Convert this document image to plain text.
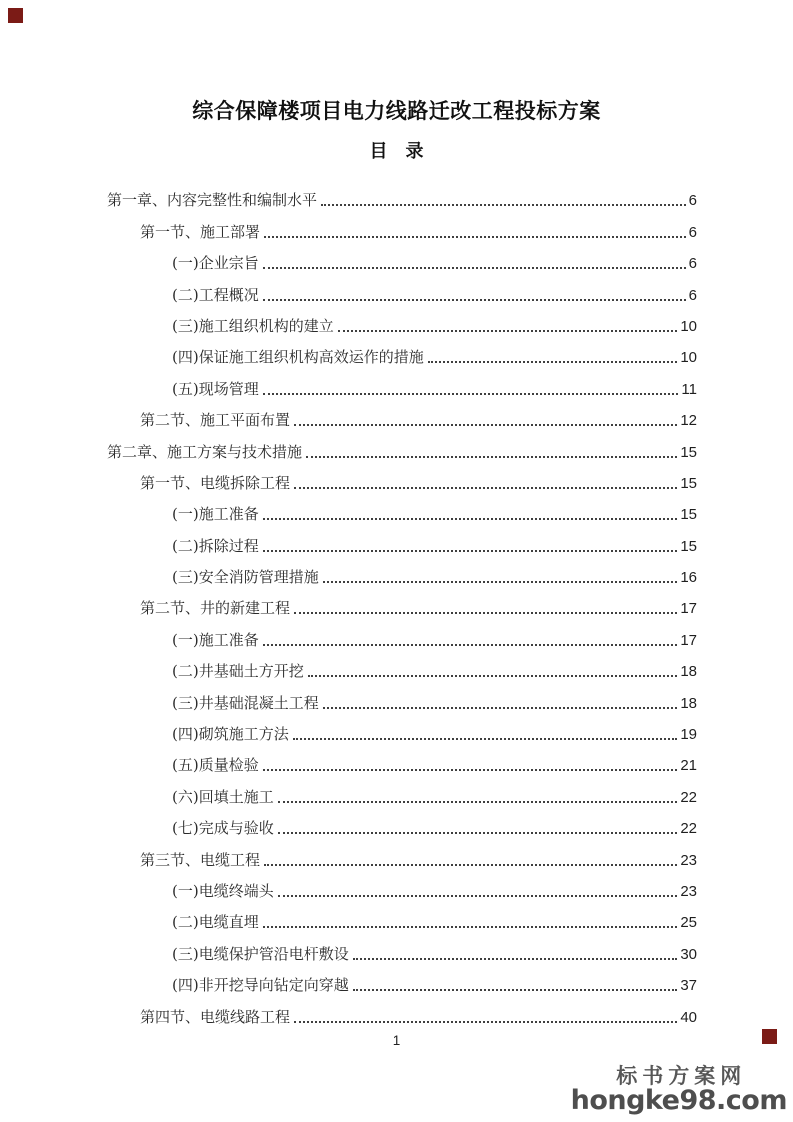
综合保障楼项目电力线路迁改工程投标方案
目　录
第一章、内容完整性和编制水平	6
第一节、施工部署	6
(一)企业宗旨	6
(二)工程概况	6
(三)施工组织机构的建立	10
(四)保证施工组织机构高效运作的措施	10
(五)现场管理	11
第二节、施工平面布置	12
第二章、施工方案与技术措施	15
第一节、电缆拆除工程	15
(一)施工准备	15
(二)拆除过程	15
(三)安全消防管理措施	16
第二节、井的新建工程	17
(一)施工准备	17
(二)井基础土方开挖	18
(三)井基础混凝土工程	18
(四)砌筑施工方法	19
(五)质量检验	21
(六)回填土施工	22
(七)完成与验收	22
第三节、电缆工程	23
(一)电缆终端头	23
(二)电缆直埋	25
(三)电缆保护管沿电杆敷设	30
(四)非开挖导向钻定向穿越	37
第四节、电缆线路工程	40
1
标书方案网
hongke98.com
